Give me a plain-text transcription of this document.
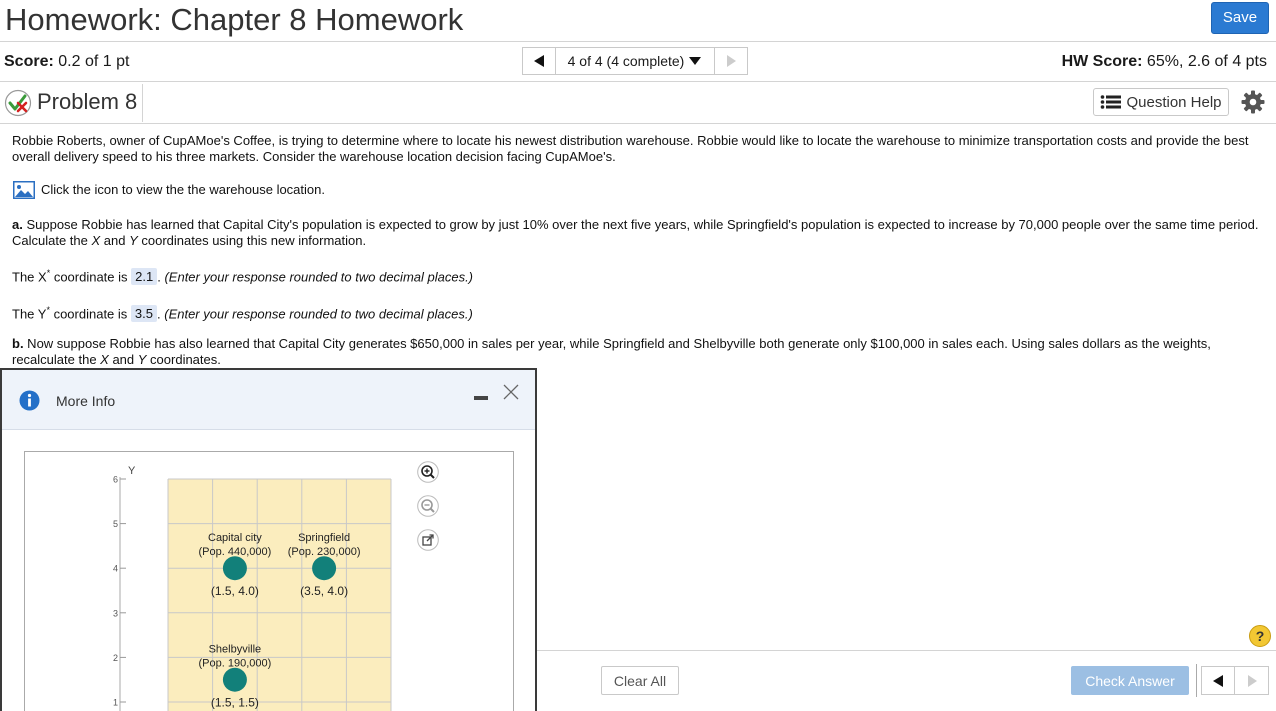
Homework: Chapter 8 Homework	Save
Score: 0.2 of 1 pt	4 of 4 (4 complete)	HW Score: 65%, 2.6 of 4 pts
Problem 8	Question Help
Robbie Roberts, owner of CupAMoe's Coffee, is trying to determine where to locate his newest distribution warehouse. Robbie would like to locate the warehouse to minimize transportation costs and provide the best overall delivery speed to his three markets. Consider the warehouse location decision facing CupAMoe's.
Click the icon to view the the warehouse location.
a. Suppose Robbie has learned that Capital City's population is expected to grow by just 10% over the next five years, while Springfield's population is expected to increase by 70,000 people over the same time period. Calculate the X and Y coordinates using this new information.
The X* coordinate is 2.1 . (Enter your response rounded to two decimal places.)
The Y* coordinate is 3.5 . (Enter your response rounded to two decimal places.)
b. Now suppose Robbie has also learned that Capital City generates $650,000 in sales per year, while Springfield and Shelbyville both generate only $100,000 in sales each. Using sales dollars as the weights, recalculate the X and Y coordinates.
?
Clear All	Check Answer
More Info
Y
1
2
3
4
5
6
Capital city
(Pop. 440,000)
(1.5, 4.0)
Springfield
(Pop. 230,000)
(3.5, 4.0)
Shelbyville
(Pop. 190,000)
(1.5, 1.5)
